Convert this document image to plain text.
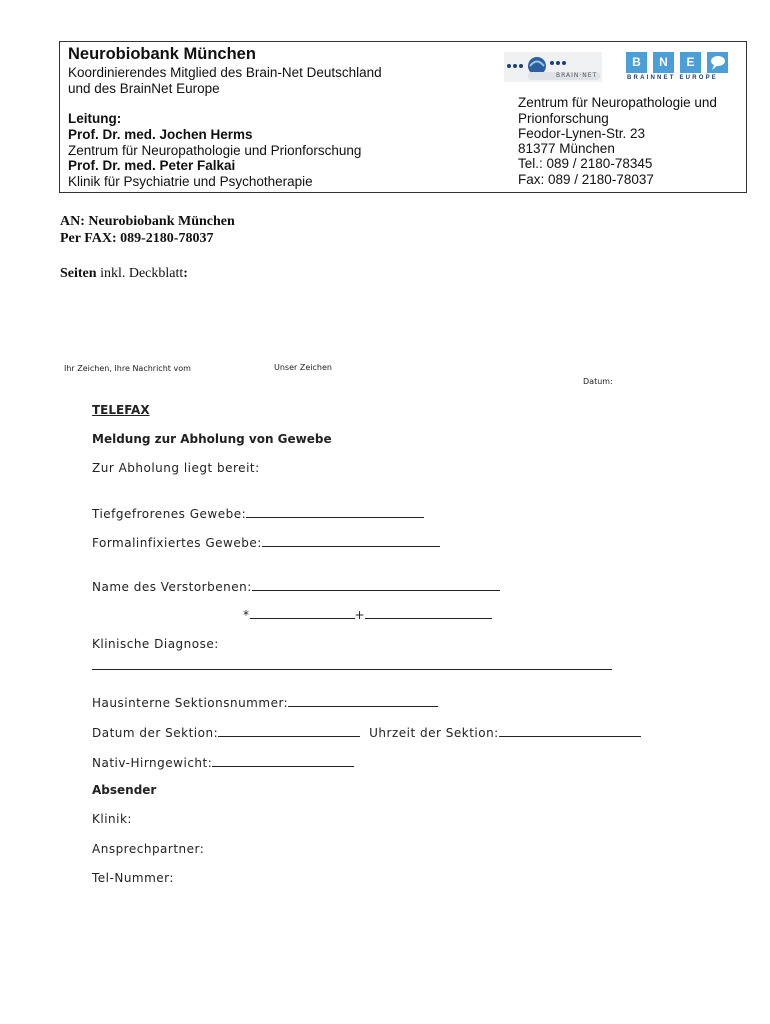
Neurobiobank München
Koordinierendes Mitglied des Brain-Net Deutschland
und des BrainNet Europe
Leitung:
Prof. Dr. med. Jochen Herms
Zentrum für Neuropathologie und Prionforschung
Prof. Dr. med. Peter Falkai
Klinik für Psychiatrie und Psychotherapie
Zentrum für Neuropathologie und
Prionforschung
Feodor-Lynen-Str. 23
81377 München
Tel.: 089 / 2180-78345
Fax: 089 / 2180-78037
BRAIN·NET
B	N	E
BRAINNET EUROPE
AN: Neurobiobank München
Per FAX: 089-2180-78037
Seiten inkl. Deckblatt:
Ihr Zeichen, Ihre Nachricht vom	Unser Zeichen
Datum:
TELEFAX
Meldung zur Abholung von Gewebe
Zur Abholung liegt bereit:
Tiefgefrorenes Gewebe:
Formalinfixiertes Gewebe:
Name des Verstorbenen:
*	+
Klinische Diagnose:
Hausinterne Sektionsnummer:
Datum der Sektion:	Uhrzeit der Sektion:
Nativ-Hirngewicht:
Absender
Klinik:
Ansprechpartner:
Tel-Nummer:
